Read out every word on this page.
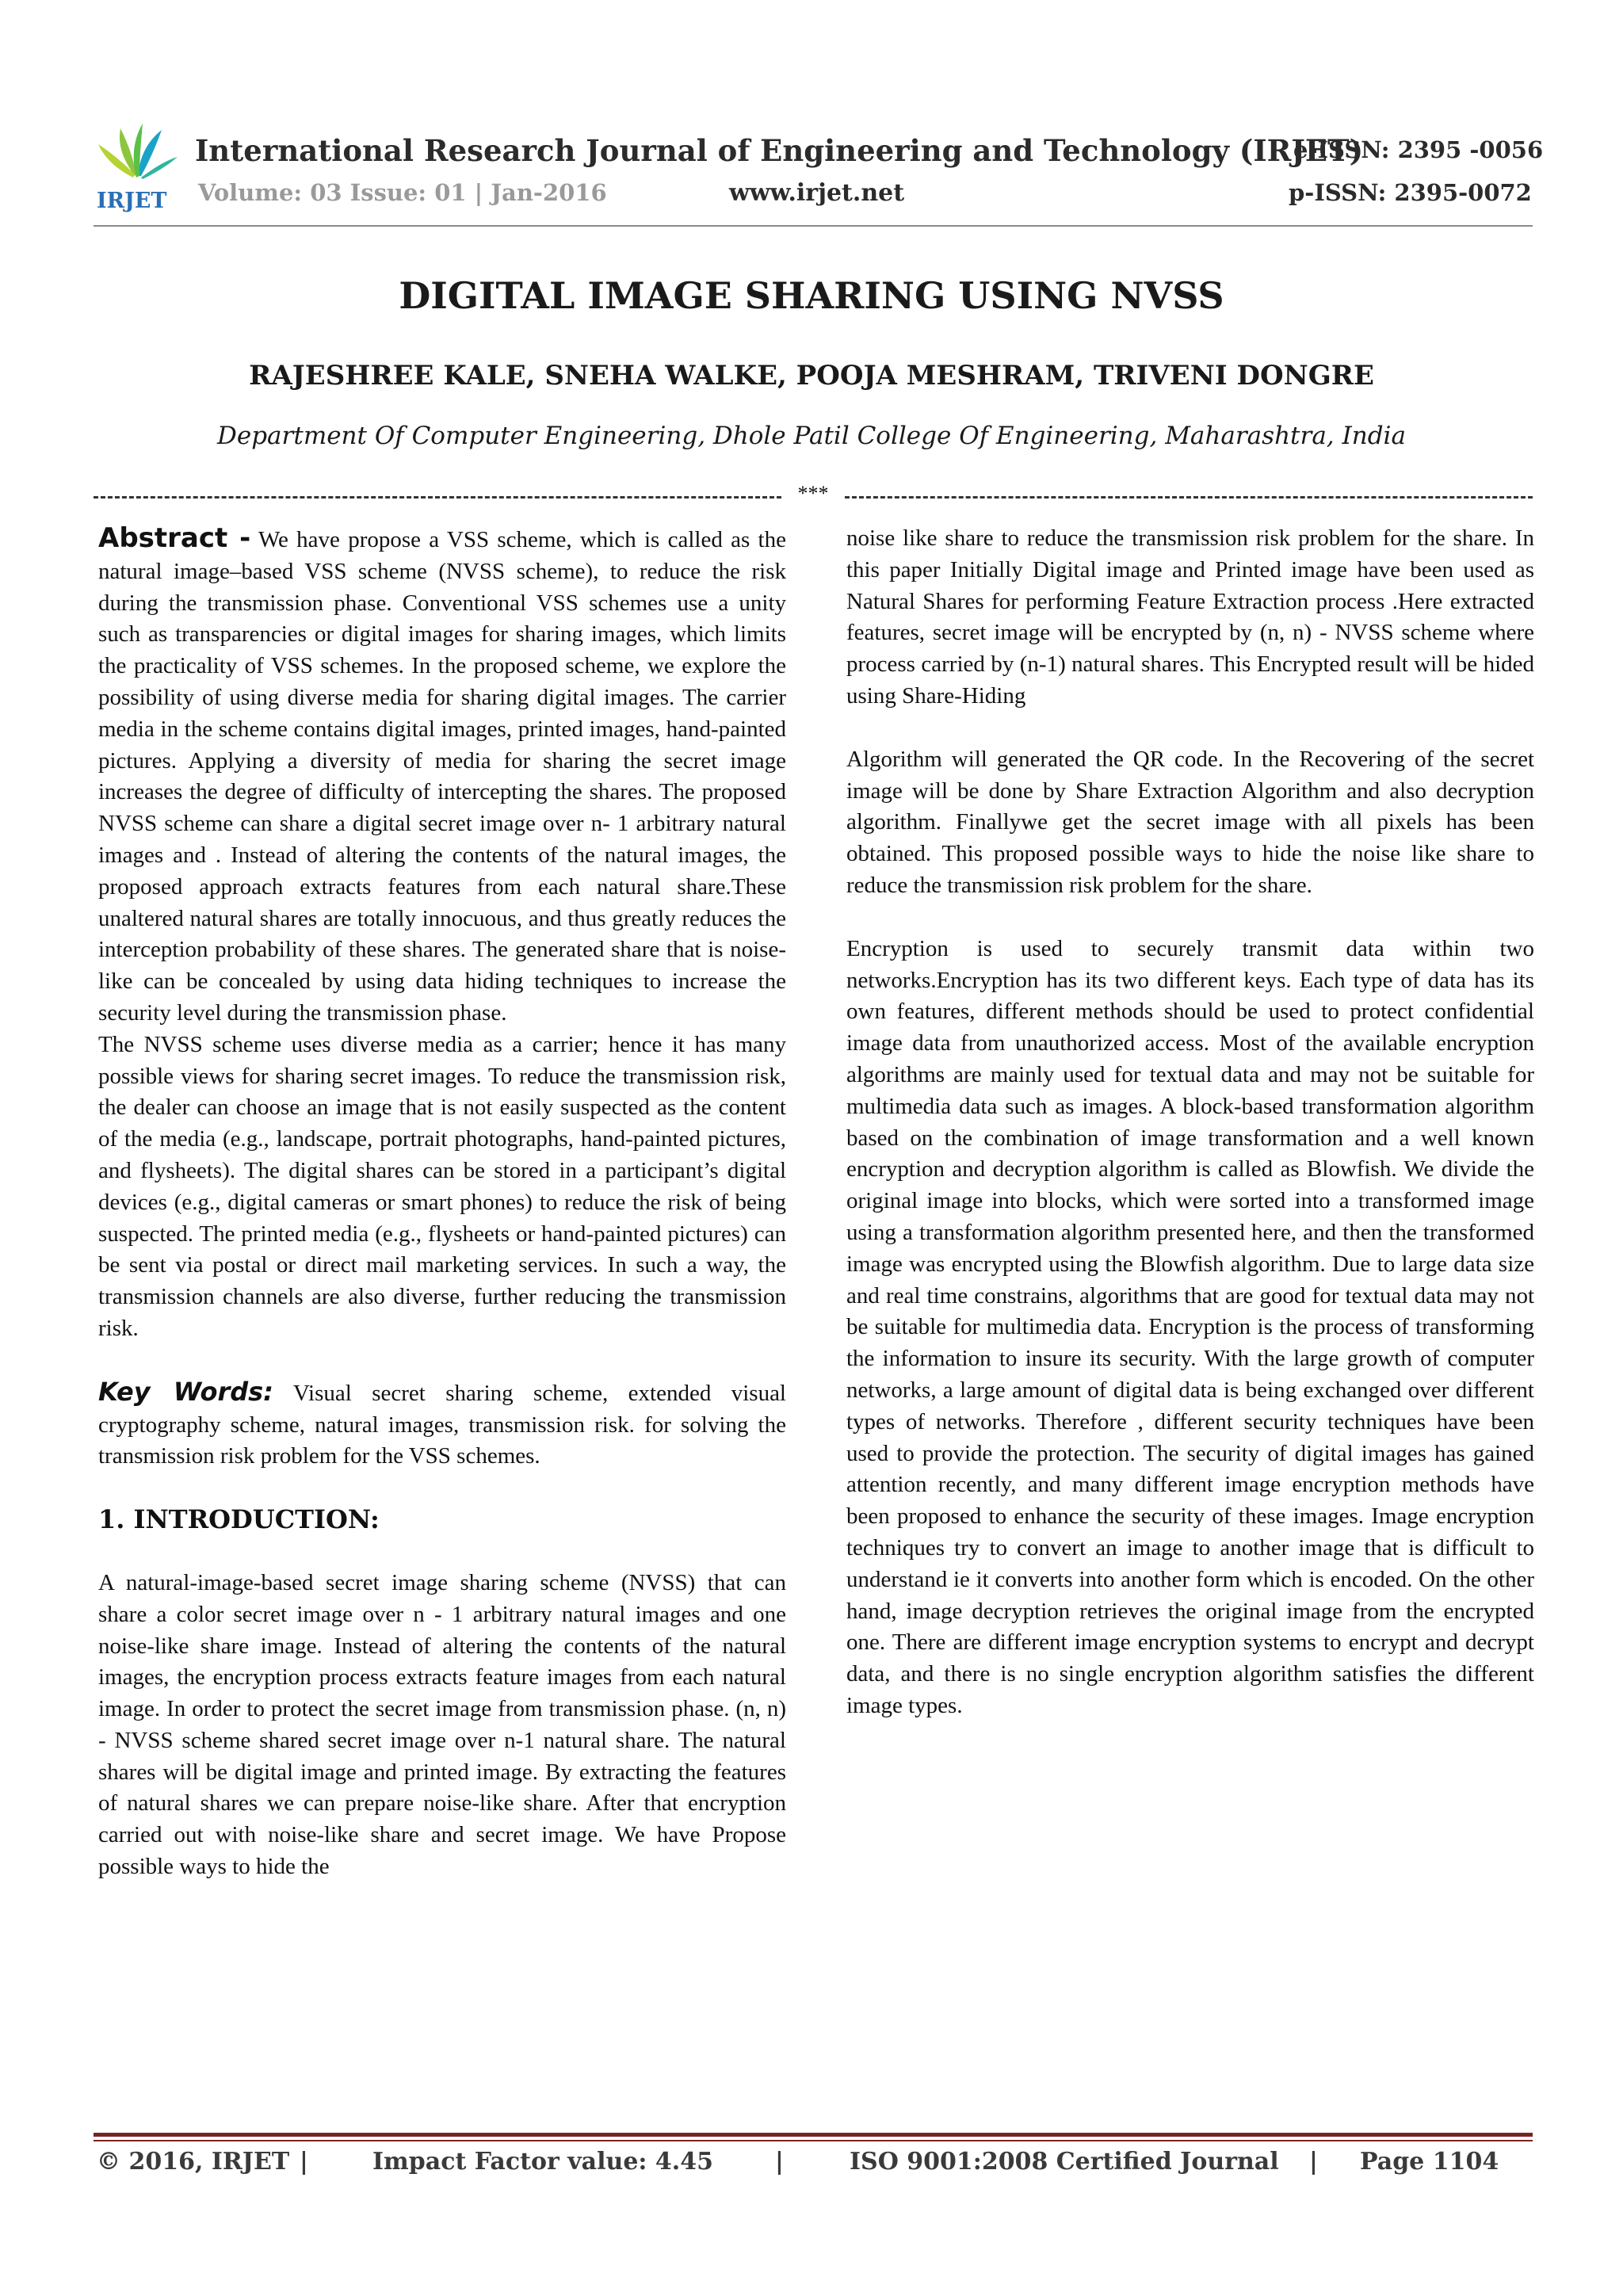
IRJET
International Research Journal of Engineering and Technology (IRJET)
e-ISSN: 2395 -0056
Volume: 03 Issue: 01 | Jan-2016	www.irjet.net	p-ISSN: 2395-0072
DIGITAL IMAGE SHARING USING NVSS
RAJESHREE KALE, SNEHA WALKE, POOJA MESHRAM, TRIVENI DONGRE
Department Of Computer Engineering, Dhole Patil College Of Engineering, Maharashtra, India
***

Abstract - We have propose a VSS scheme, which is called as the natural image–based VSS scheme (NVSS scheme), to reduce the risk during the transmission phase. Conventional VSS schemes use a unity such as transparencies or digital images for sharing images, which limits the practicality of VSS schemes. In the proposed scheme, we explore the possibility of using diverse media for sharing digital images. The carrier media in the scheme contains digital images, printed images, hand-painted pictures. Applying a diversity of media for sharing the secret image increases the degree of difficulty of intercepting the shares. The proposed NVSS scheme can share a digital secret image over n- 1 arbitrary natural images and . Instead of altering the contents of the natural images, the proposed approach extracts features from each natural share.These unaltered natural shares are totally innocuous, and thus greatly reduces the interception probability of these shares. The generated share that is noise-like can be concealed by using data hiding techniques to increase the security level during the transmission phase.

The NVSS scheme uses diverse media as a carrier; hence it has many possible views for sharing secret images. To reduce the transmission risk, the dealer can choose an image that is not easily suspected as the content of the media (e.g., landscape, portrait photographs, hand-painted pictures, and flysheets). The digital shares can be stored in a participant’s digital devices (e.g., digital cameras or smart phones) to reduce the risk of being suspected. The printed media (e.g., flysheets or hand-painted pictures) can be sent via postal or direct mail marketing services. In such a way, the transmission channels are also diverse, further reducing the transmission risk.

Key Words: Visual secret sharing scheme, extended visual cryptography scheme, natural images, transmission risk. for solving the transmission risk problem for the VSS schemes.

1. INTRODUCTION:

A natural-image-based secret image sharing scheme (NVSS) that can share a color secret image over n - 1 arbitrary natural images and one noise-like share image. Instead of altering the contents of the natural images, the encryption process extracts feature images from each natural image. In order to protect the secret image from transmission phase. (n, n) - NVSS scheme shared secret image over n-1 natural share. The natural shares will be digital image and printed image. By extracting the features of natural shares we can prepare noise-like share. After that encryption carried out with noise-like share and secret image. We have Propose possible ways to hide the

noise like share to reduce the transmission risk problem for the share. In this paper Initially Digital image and Printed image have been used as Natural Shares for performing Feature Extraction process .Here extracted features, secret image will be encrypted by (n, n) - NVSS scheme where process carried by (n-1) natural shares. This Encrypted result will be hided using Share-Hiding

Algorithm will generated the QR code. In the Recovering of the secret image will be done by Share Extraction Algorithm and also decryption algorithm. Finallywe get the secret image with all pixels has been obtained. This proposed possible ways to hide the noise like share to reduce the transmission risk problem for the share.

Encryption is used to securely transmit data within two networks.Encryption has its two different keys. Each type of data has its own features, different methods should be used to protect confidential image data from unauthorized access. Most of the available encryption algorithms are mainly used for textual data and may not be suitable for multimedia data such as images. A block-based transformation algorithm based on the combination of image transformation and a well known encryption and decryption algorithm is called as Blowfish. We divide the original image into blocks, which were sorted into a transformed image using a transformation algorithm presented here, and then the transformed image was encrypted using the Blowfish algorithm. Due to large data size and real time constrains, algorithms that are good for textual data may not be suitable for multimedia data. Encryption is the process of transforming the information to insure its security. With the large growth of computer networks, a large amount of digital data is being exchanged over different types of networks. Therefore , different security techniques have been used to provide the protection. The security of digital images has gained attention recently, and many different image encryption methods have been proposed to enhance the security of these images. Image encryption techniques try to convert an image to another image that is difficult to understand ie it converts into another form which is encoded. On the other hand, image decryption retrieves the original image from the encrypted one. There are different image encryption systems to encrypt and decrypt data, and there is no single encryption algorithm satisfies the different image types.

© 2016, IRJET |	Impact Factor value: 4.45	|	ISO 9001:2008 Certified Journal | Page 1104
